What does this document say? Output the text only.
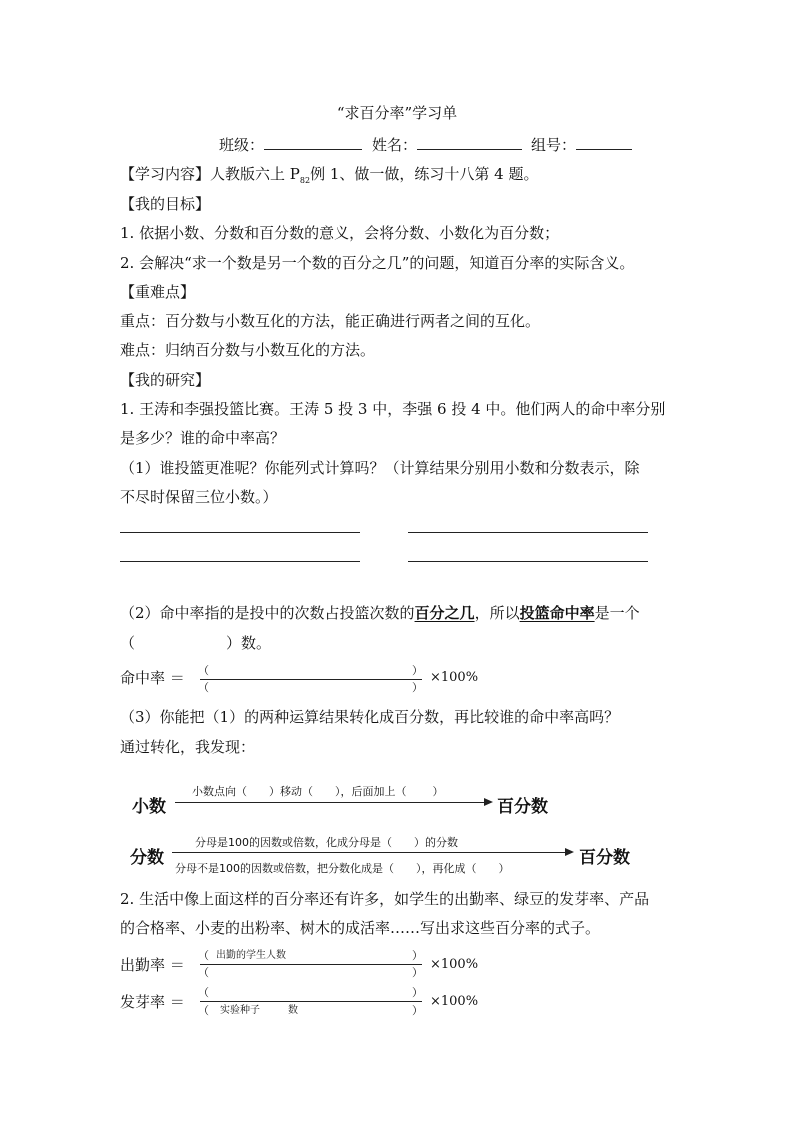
“求百分率”学习单
班级：	姓名：	组号：
【学习内容】人教版六上 $P_{82}$例 1、做一做，练习十八第 4 题。
【我的目标】
1. 依据小数、分数和百分数的意义，会将分数、小数化为百分数；
2. 会解决“求一个数是另一个数的百分之几”的问题，知道百分率的实际含义。
【重难点】
重点：百分数与小数互化的方法，能正确进行两者之间的互化。
难点：归纳百分数与小数互化的方法。
【我的研究】
1. 王涛和李强投篮比赛。王涛 5 投 3 中，李强 6 投 4 中。他们两人的命中率分别
是多少？谁的命中率高？
（1）谁投篮更准呢？你能列式计算吗？（计算结果分别用小数和分数表示，除
不尽时保留三位小数。）
（2）命中率指的是投中的次数占投篮次数的百分之几，所以投篮命中率是一个
（	）数。
命中率 ＝ （	）
（	）
×100%
（3）你能把（1）的两种运算结果转化成百分数，再比较谁的命中率高吗？
通过转化，我发现：
小数
小数点向（ ）移动（ ），后面加上（ ）
百分数
分数
分母是100的因数或倍数，化成分母是（ ）的分数
分母不是100的因数或倍数，把分数化成是（ ），再化成（ ）
百分数
2. 生活中像上面这样的百分率还有许多，如学生的出勤率、绿豆的发芽率、产品
的合格率、小麦的出粉率、树木的成活率……写出求这些百分率的式子。
出勤率 ＝
出勤的学生人数
（	）
（	）
×100%
发芽率 ＝
（	）
（ 实验种子	数	）
×100%
